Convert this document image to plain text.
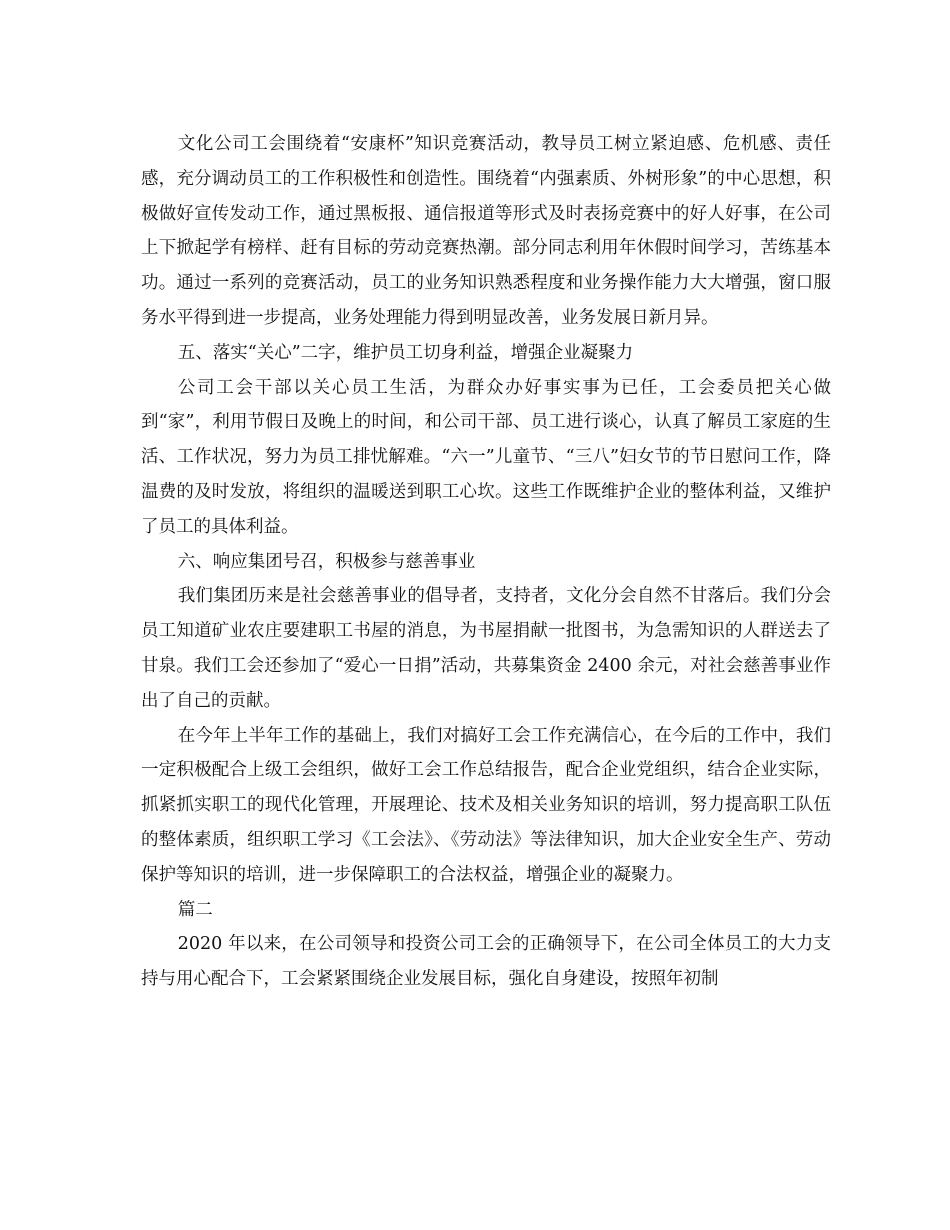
文化公司工会围绕着“安康杯”知识竞赛活动，教导员工树立紧迫感、危机感、责任感，充分调动员工的工作积极性和创造性。围绕着“内强素质、外树形象”的中心思想，积极做好宣传发动工作，通过黑板报、通信报道等形式及时表扬竞赛中的好人好事，在公司上下掀起学有榜样、赶有目标的劳动竞赛热潮。部分同志利用年休假时间学习，苦练基本功。通过一系列的竞赛活动，员工的业务知识熟悉程度和业务操作能力大大增强，窗口服务水平得到进一步提高，业务处理能力得到明显改善，业务发展日新月异。

五、落实“关心”二字，维护员工切身利益，增强企业凝聚力

公司工会干部以关心员工生活，为群众办好事实事为已任，工会委员把关心做到“家”，利用节假日及晚上的时间，和公司干部、员工进行谈心，认真了解员工家庭的生活、工作状况，努力为员工排忧解难。“六一”儿童节、“三八”妇女节的节日慰问工作，降温费的及时发放，将组织的温暖送到职工心坎。这些工作既维护企业的整体利益，又维护了员工的具体利益。

六、响应集团号召，积极参与慈善事业

我们集团历来是社会慈善事业的倡导者，支持者，文化分会自然不甘落后。我们分会员工知道矿业农庄要建职工书屋的消息，为书屋捐献一批图书，为急需知识的人群送去了甘泉。我们工会还参加了“爱心一日捐”活动，共募集资金 2400 余元，对社会慈善事业作出了自己的贡献。

在今年上半年工作的基础上，我们对搞好工会工作充满信心，在今后的工作中，我们一定积极配合上级工会组织，做好工会工作总结报告，配合企业党组织，结合企业实际，抓紧抓实职工的现代化管理，开展理论、技术及相关业务知识的培训，努力提高职工队伍的整体素质，组织职工学习《工会法》、《劳动法》等法律知识，加大企业安全生产、劳动保护等知识的培训，进一步保障职工的合法权益，增强企业的凝聚力。

篇二

2020 年以来，在公司领导和投资公司工会的正确领导下，在公司全体员工的大力支持与用心配合下，工会紧紧围绕企业发展目标，强化自身建设，按照年初制
